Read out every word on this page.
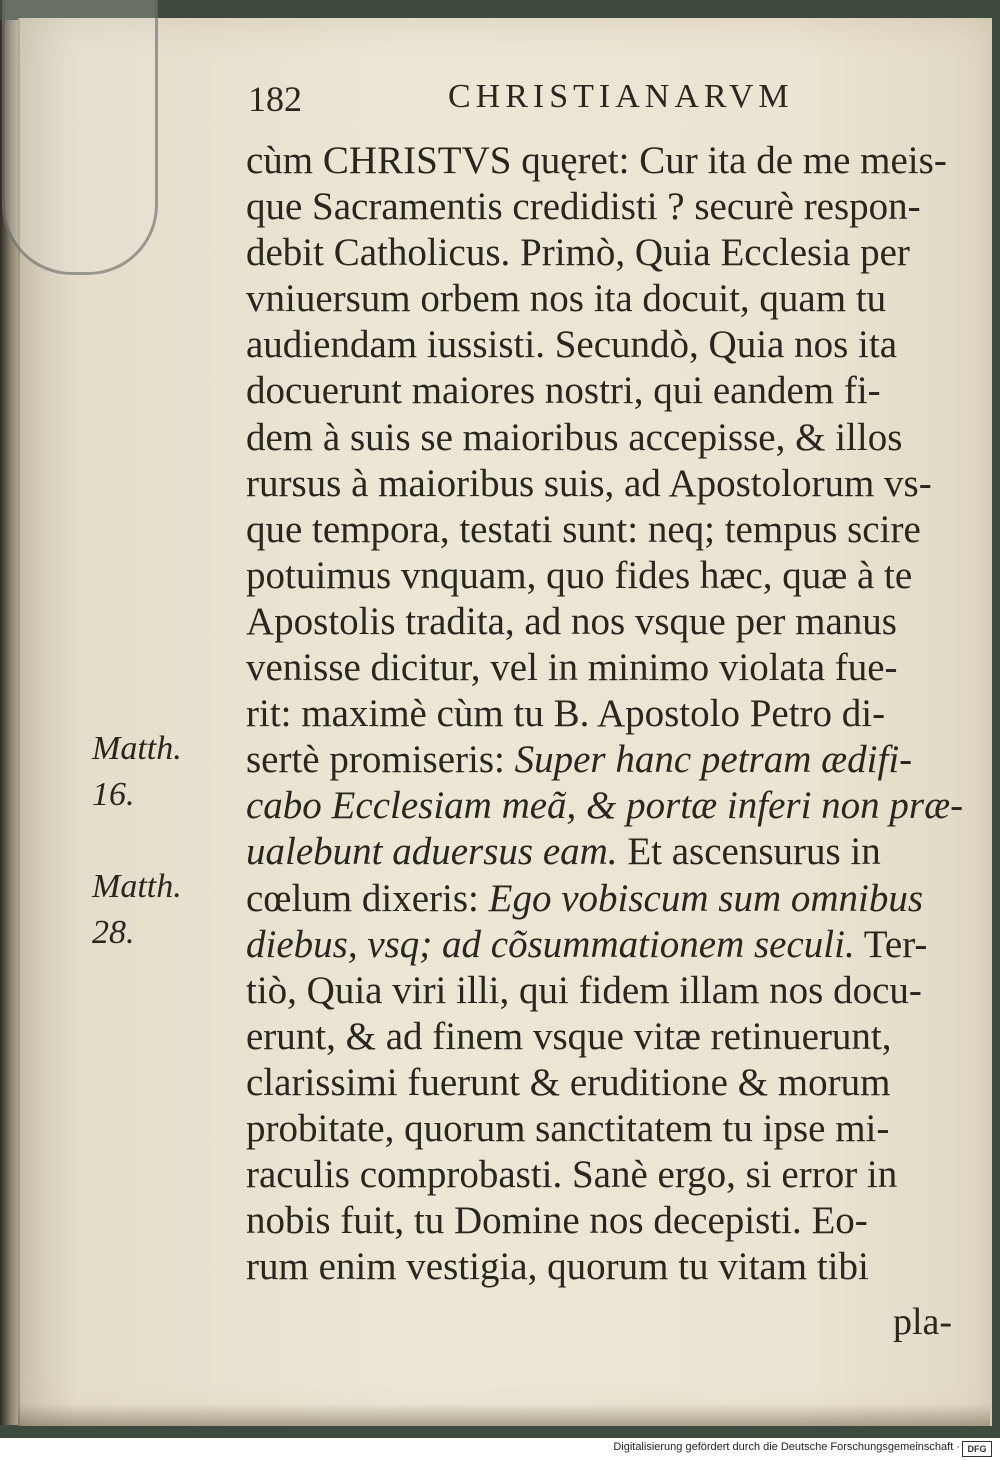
182	CHRISTIANARVM
cùm CHRISTVS quęret: Cur ita de me meis-
que Sacramentis credidisti ? securè respon-
debit Catholicus. Primò, Quia Ecclesia per
vniuersum orbem nos ita docuit, quam tu
audiendam iussisti. Secundò, Quia nos ita
docuerunt maiores nostri, qui eandem fi-
dem à suis se maioribus accepisse, & illos
rursus à maioribus suis, ad Apostolorum vs-
que tempora, testati sunt: neq; tempus scire
potuimus vnquam, quo fides hæc, quæ à te
Apostolis tradita, ad nos vsque per manus
venisse dicitur, vel in minimo violata fue-
rit: maximè cùm tu B. Apostolo Petro di-
sertè promiseris: Super hanc petram ædifi-
cabo Ecclesiam meã, & portæ inferi non præ-
ualebunt aduersus eam. Et ascensurus in
cœlum dixeris: Ego vobiscum sum omnibus
diebus, vsq; ad cõsummationem seculi. Ter-
tiò, Quia viri illi, qui fidem illam nos docu-
erunt, & ad finem vsque vitæ retinuerunt,
clarissimi fuerunt & eruditione & morum
probitate, quorum sanctitatem tu ipse mi-
raculis comprobasti. Sanè ergo, si error in
nobis fuit, tu Domine nos decepisti. Eo-
rum enim vestigia, quorum tu vitam tibi
pla-
Matth.
16.
Matth.
28.
Digitalisierung gefördert durch die Deutsche Forschungsgemeinschaft · DFG
